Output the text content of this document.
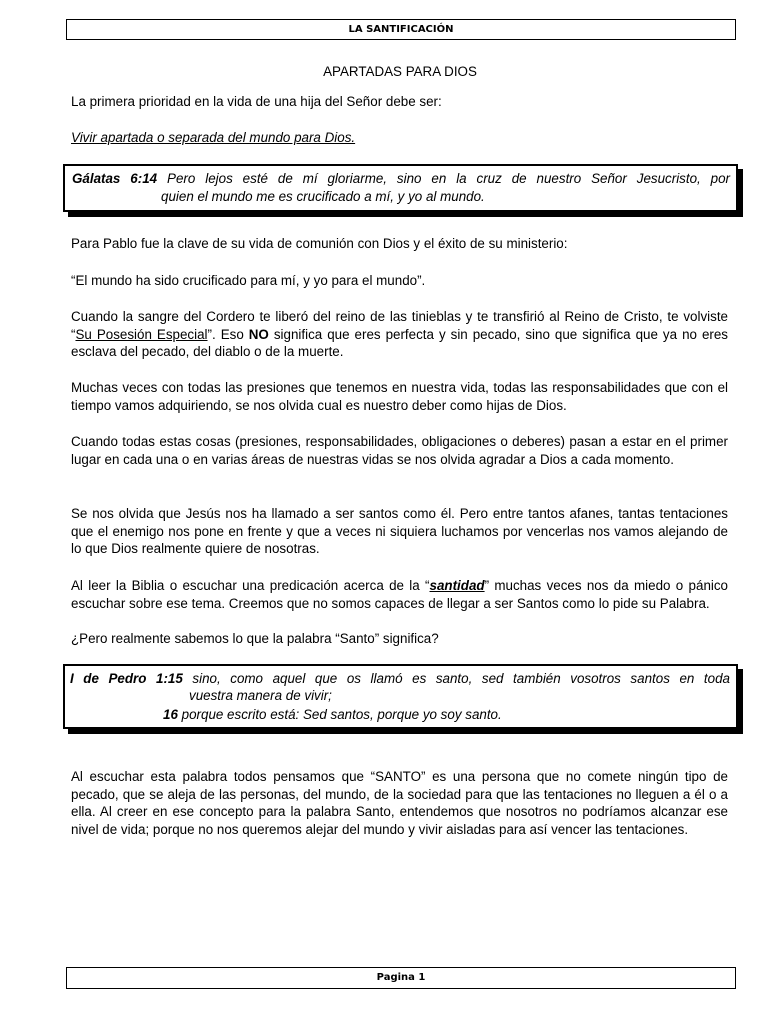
LA SANTIFICACIÓN
APARTADAS PARA DIOS
La primera prioridad en la vida de una hija del Señor debe ser:
Vivir apartada o separada del mundo para Dios.
Gálatas 6:14 Pero lejos esté de mí gloriarme, sino en la cruz de nuestro Señor Jesucristo, por
quien el mundo me es crucificado a mí, y yo al mundo.
Para Pablo fue la clave de su vida de comunión con Dios y el éxito de su ministerio:
“El mundo ha sido crucificado para mí, y yo para el mundo”.
Cuando la sangre del Cordero te liberó del reino de las tinieblas y te transfirió al Reino de Cristo, te volviste “Su Posesión Especial”. Eso NO significa que eres perfecta y sin pecado, sino que significa que ya no eres esclava del pecado, del diablo o de la muerte.
Muchas veces con todas las presiones que tenemos en nuestra vida, todas las responsabilidades que con el tiempo vamos adquiriendo, se nos olvida cual es nuestro deber como hijas de Dios.
Cuando todas estas cosas (presiones, responsabilidades, obligaciones o deberes) pasan a estar en el primer lugar en cada una o en varias áreas de nuestras vidas se nos olvida agradar a Dios a cada momento.
Se nos olvida que Jesús nos ha llamado a ser santos como él. Pero entre tantos afanes, tantas tentaciones que el enemigo nos pone en frente y que a veces ni siquiera luchamos por vencerlas nos vamos alejando de lo que Dios realmente quiere de nosotras.
Al leer la Biblia o escuchar una predicación acerca de la “santidad” muchas veces nos da miedo o pánico escuchar sobre ese tema. Creemos que no somos capaces de llegar a ser Santos como lo pide su Palabra.
¿Pero realmente sabemos lo que la palabra “Santo” significa?
I de Pedro 1:15 sino, como aquel que os llamó es santo, sed también vosotros santos en toda
vuestra manera de vivir;
16 porque escrito está: Sed santos, porque yo soy santo.
Al escuchar esta palabra todos pensamos que “SANTO” es una persona que no comete ningún tipo de pecado, que se aleja de las personas, del mundo, de la sociedad para que las tentaciones no lleguen a él o a ella. Al creer en ese concepto para la palabra Santo, entendemos que nosotros no podríamos alcanzar ese nivel de vida; porque no nos queremos alejar del mundo y vivir aisladas para así vencer las tentaciones.
Pagina 1
